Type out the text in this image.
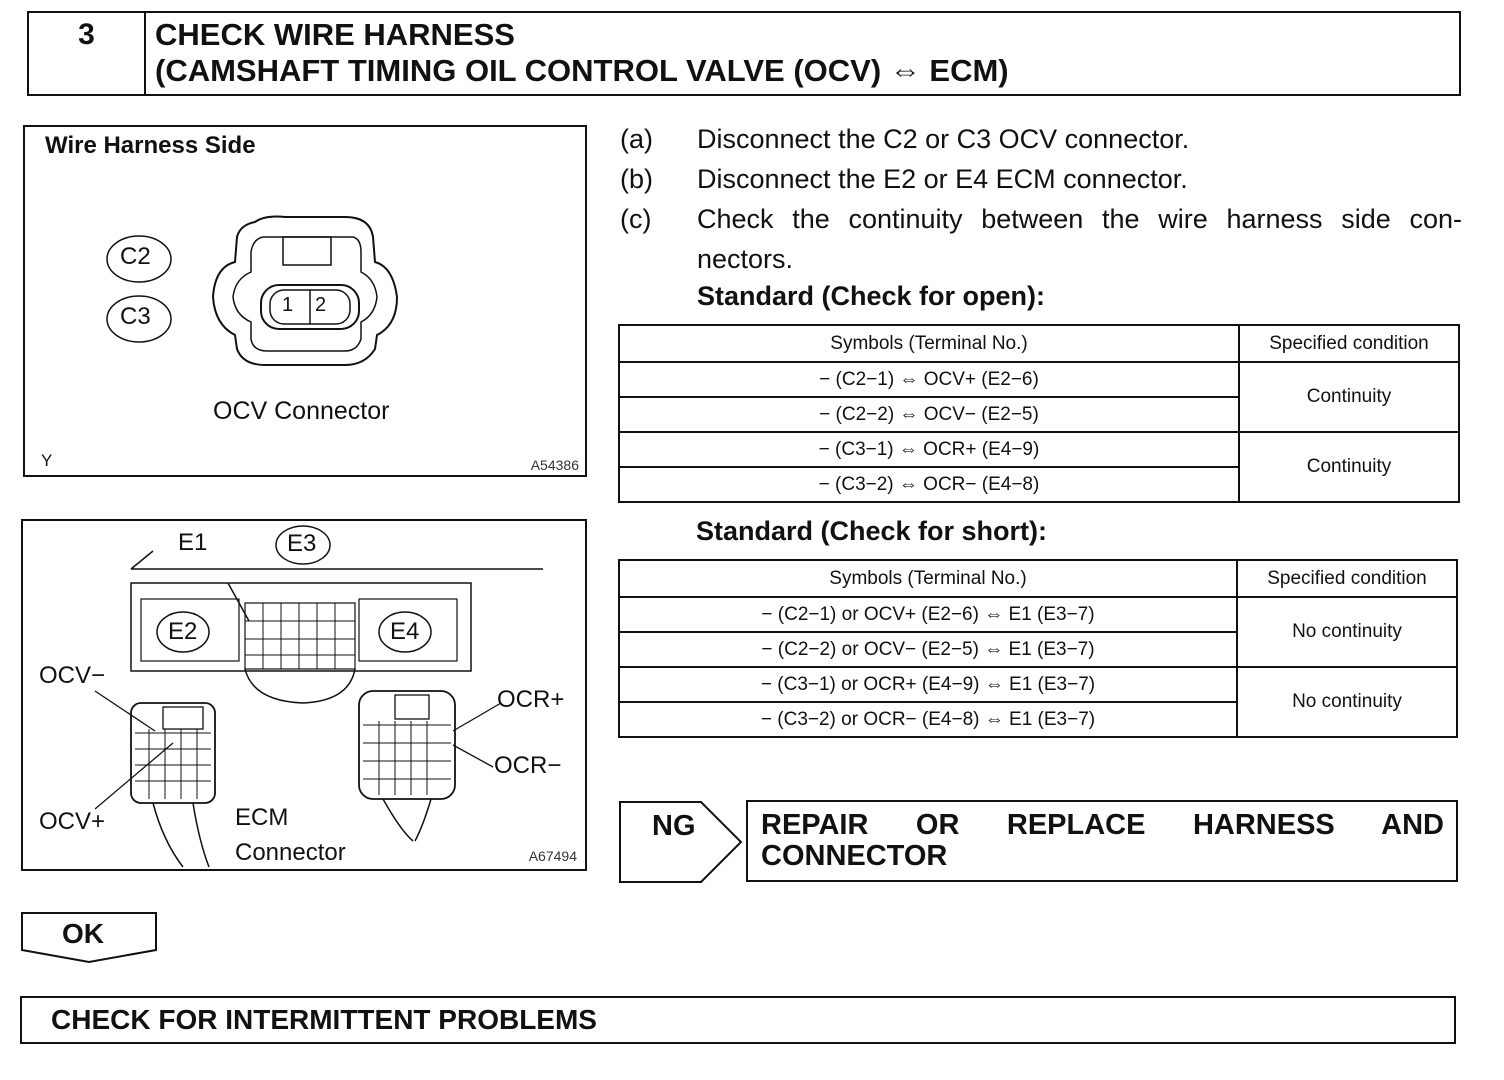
3	CHECK WIRE HARNESS
(CAMSHAFT TIMING OIL CONTROL VALVE (OCV) ⇔ ECM)
Wire Harness Side
C2
C3	1 2
OCV Connector
Y	A54386
E1	E3
E2	E4
OCV−
OCV+
OCR+
OCR−
ECM
Connector	A67494
(a) Disconnect the C2 or C3 OCV connector.
(b) Disconnect the E2 or E4 ECM connector.
(c) Check the continuity between the wire harness side con-nectors.
Standard (Check for open):
Symbols (Terminal No.)	Specified condition
− (C2−1) ⇔ OCV+ (E2−6)	Continuity
− (C2−2) ⇔ OCV− (E2−5)	
− (C3−1) ⇔ OCR+ (E4−9)	Continuity
− (C3−2) ⇔ OCR− (E4−8)	
Standard (Check for short):
Symbols (Terminal No.)	Specified condition
− (C2−1) or OCV+ (E2−6) ⇔ E1 (E3−7)	No continuity
− (C2−2) or OCV− (E2−5) ⇔ E1 (E3−7)	
− (C3−1) or OCR+ (E4−9) ⇔ E1 (E3−7)	No continuity
− (C3−2) or OCR− (E4−8) ⇔ E1 (E3−7)	
NG REPAIR OR REPLACE HARNESS AND CONNECTOR
OK
CHECK FOR INTERMITTENT PROBLEMS
